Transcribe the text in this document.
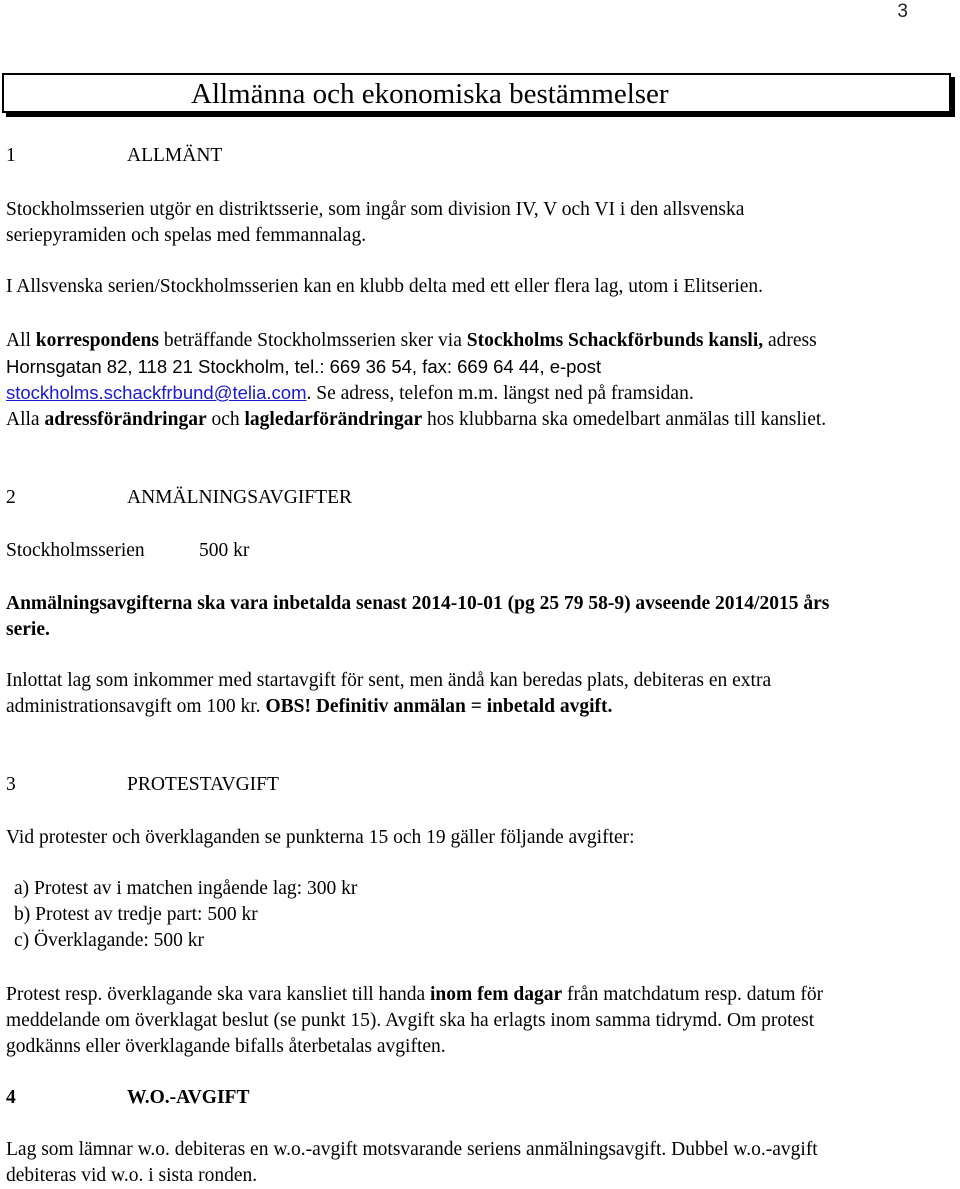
3
Allmänna och ekonomiska bestämmelser
1	ALLMÄNT

Stockholmsserien utgör en distriktsserie, som ingår som division IV, V och VI i den allsvenska

seriepyramiden och spelas med femmannalag.

I Allsvenska serien/Stockholmsserien kan en klubb delta med ett eller flera lag, utom i Elitserien.

All korrespondens beträffande Stockholmsserien sker via Stockholms Schackförbunds kansli, adress

Hornsgatan 82, 118 21 Stockholm, tel.: 669 36 54, fax: 669 64 44, e-post

stockholms.schackfrbund@telia.com. Se adress, telefon m.m. längst ned på framsidan.

Alla adressförändringar och lagledarförändringar hos klubbarna ska omedelbart anmälas till kansliet.

2	ANMÄLNINGSAVGIFTER
Stockholmsserien	500 kr

Anmälningsavgifterna ska vara inbetalda senast 2014-10-01 (pg 25 79 58-9) avseende 2014/2015 års

serie.

Inlottat lag som inkommer med startavgift för sent, men ändå kan beredas plats, debiteras en extra

administrationsavgift om 100 kr. OBS! Definitiv anmälan = inbetald avgift.

3	PROTESTAVGIFT

Vid protester och överklaganden se punkterna 15 och 19 gäller följande avgifter:

a) Protest av i matchen ingående lag: 300 kr
b) Protest av tredje part: 500 kr
c) Överklagande: 500 kr

Protest resp. överklagande ska vara kansliet till handa inom fem dagar från matchdatum resp. datum för

meddelande om överklagat beslut (se punkt 15). Avgift ska ha erlagts inom samma tidrymd. Om protest

godkänns eller överklagande bifalls återbetalas avgiften.

4	W.O.-AVGIFT

Lag som lämnar w.o. debiteras en w.o.-avgift motsvarande seriens anmälningsavgift. Dubbel w.o.-avgift

debiteras vid w.o. i sista ronden.
